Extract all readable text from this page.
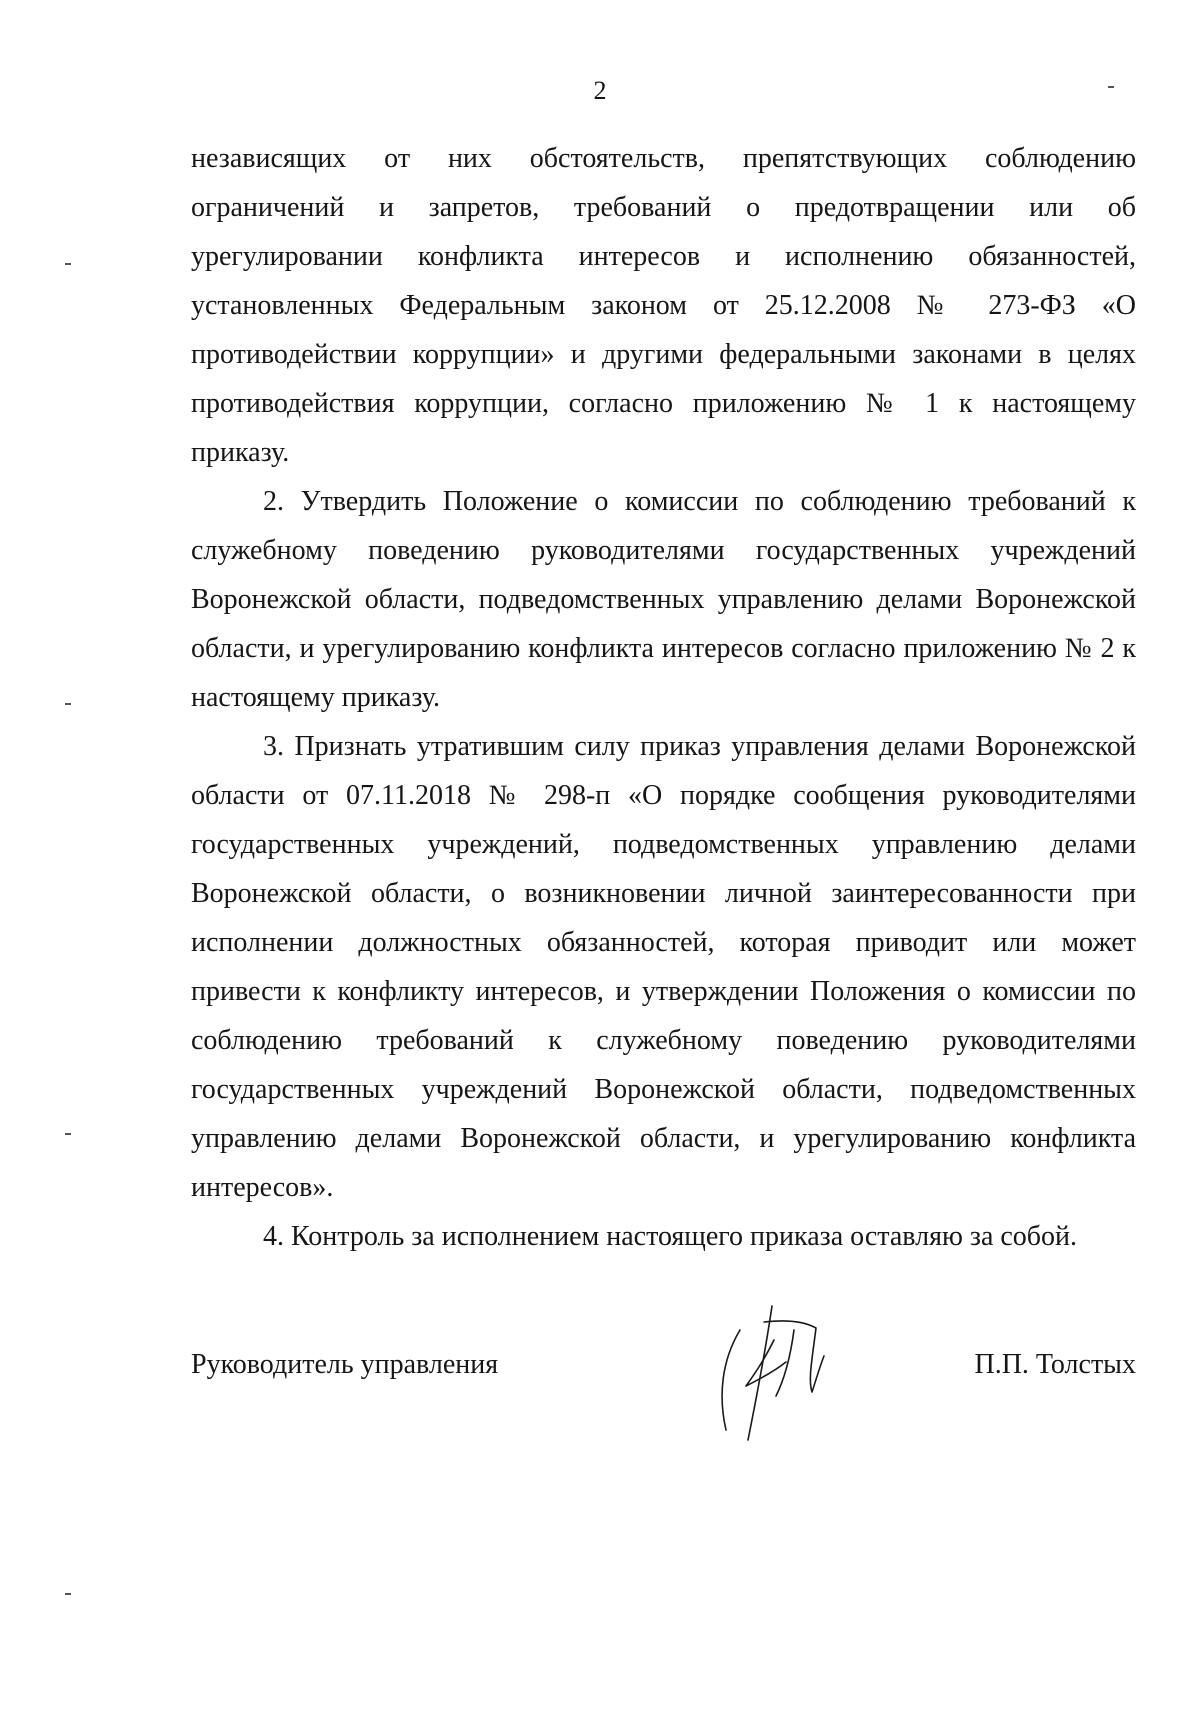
2

независящих от них обстоятельств, препятствующих соблюдению ограничений и запретов, требований о предотвращении или об урегулировании конфликта интересов и исполнению обязанностей, установленных Федеральным законом от 25.12.2008 № 273-ФЗ «О противодействии коррупции» и другими федеральными законами в целях противодействия коррупции, согласно приложению № 1 к настоящему приказу.

2. Утвердить Положение о комиссии по соблюдению требований к служебному поведению руководителями государственных учреждений Воронежской области, подведомственных управлению делами Воронежской области, и урегулированию конфликта интересов согласно приложению № 2 к настоящему приказу.

3. Признать утратившим силу приказ управления делами Воронежской области от 07.11.2018 № 298-п «О порядке сообщения руководителями государственных учреждений, подведомственных управлению делами Воронежской области, о возникновении личной заинтересованности при исполнении должностных обязанностей, которая приводит или может привести к конфликту интересов, и утверждении Положения о комиссии по соблюдению требований к служебному поведению руководителями государственных учреждений Воронежской области, подведомственных управлению делами Воронежской области, и урегулированию конфликта интересов».

4. Контроль за исполнением настоящего приказа оставляю за собой.

Руководитель управления	П.П. Толстых
